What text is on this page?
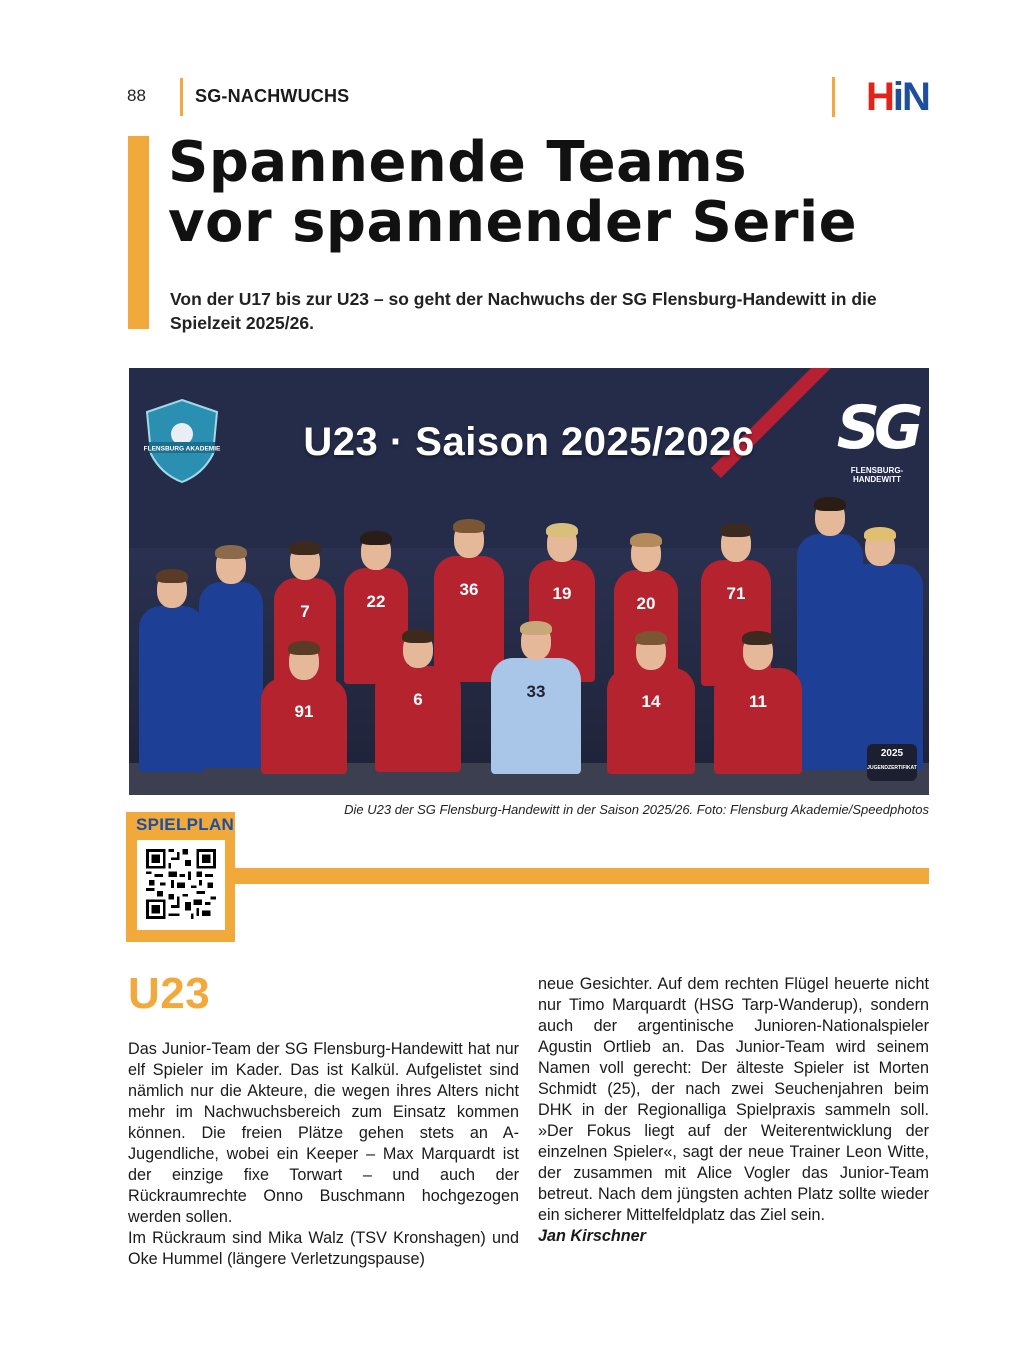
88	SG-NACHWUCHS	HiN
Spannende Teams
vor spannender Serie
Von der U17 bis zur U23 – so geht der Nachwuchs der SG Flensburg-Handewitt in die Spielzeit 2025/26.
FLENSBURG AKADEMIE	U23 · Saison 2025/2026	SG
FLENSBURG-HANDEWITT
7
22
36	19
20
71
91
6	33
14	11
2025
JUGENDZERTIFIKAT
Die U23 der SG Flensburg-Handewitt in der Saison 2025/26. Foto: Flensburg Akademie/Speedphotos
SPIELPLAN
U23

Das Junior-Team der SG Flensburg-Handewitt hat nur elf Spieler im Kader. Das ist Kalkül. Aufgelistet sind nämlich nur die Akteure, die wegen ihres Alters nicht mehr im Nachwuchsbereich zum Einsatz kommen können. Die freien Plätze gehen stets an A-Jugendliche, wobei ein Keeper – Max Marquardt ist der einzige fixe Torwart – und auch der Rückraumrechte Onno Buschmann hochgezogen werden sollen.

Im Rückraum sind Mika Walz (TSV Kronshagen) und Oke Hummel (längere Verletzungspause)

neue Gesichter. Auf dem rechten Flügel heuerte nicht nur Timo Marquardt (HSG Tarp-Wanderup), sondern auch der argentinische Junioren-Nationalspieler Agustin Ortlieb an. Das Junior-Team wird seinem Namen voll gerecht: Der älteste Spieler ist Morten Schmidt (25), der nach zwei Seuchenjahren beim DHK in der Regionalliga Spielpraxis sammeln soll. »Der Fokus liegt auf der Weiterentwicklung der einzelnen Spieler«, sagt der neue Trainer Leon Witte, der zusammen mit Alice Vogler das Junior-Team betreut. Nach dem jüngsten achten Platz sollte wieder ein sicherer Mittelfeldplatz das Ziel sein.

Jan Kirschner
